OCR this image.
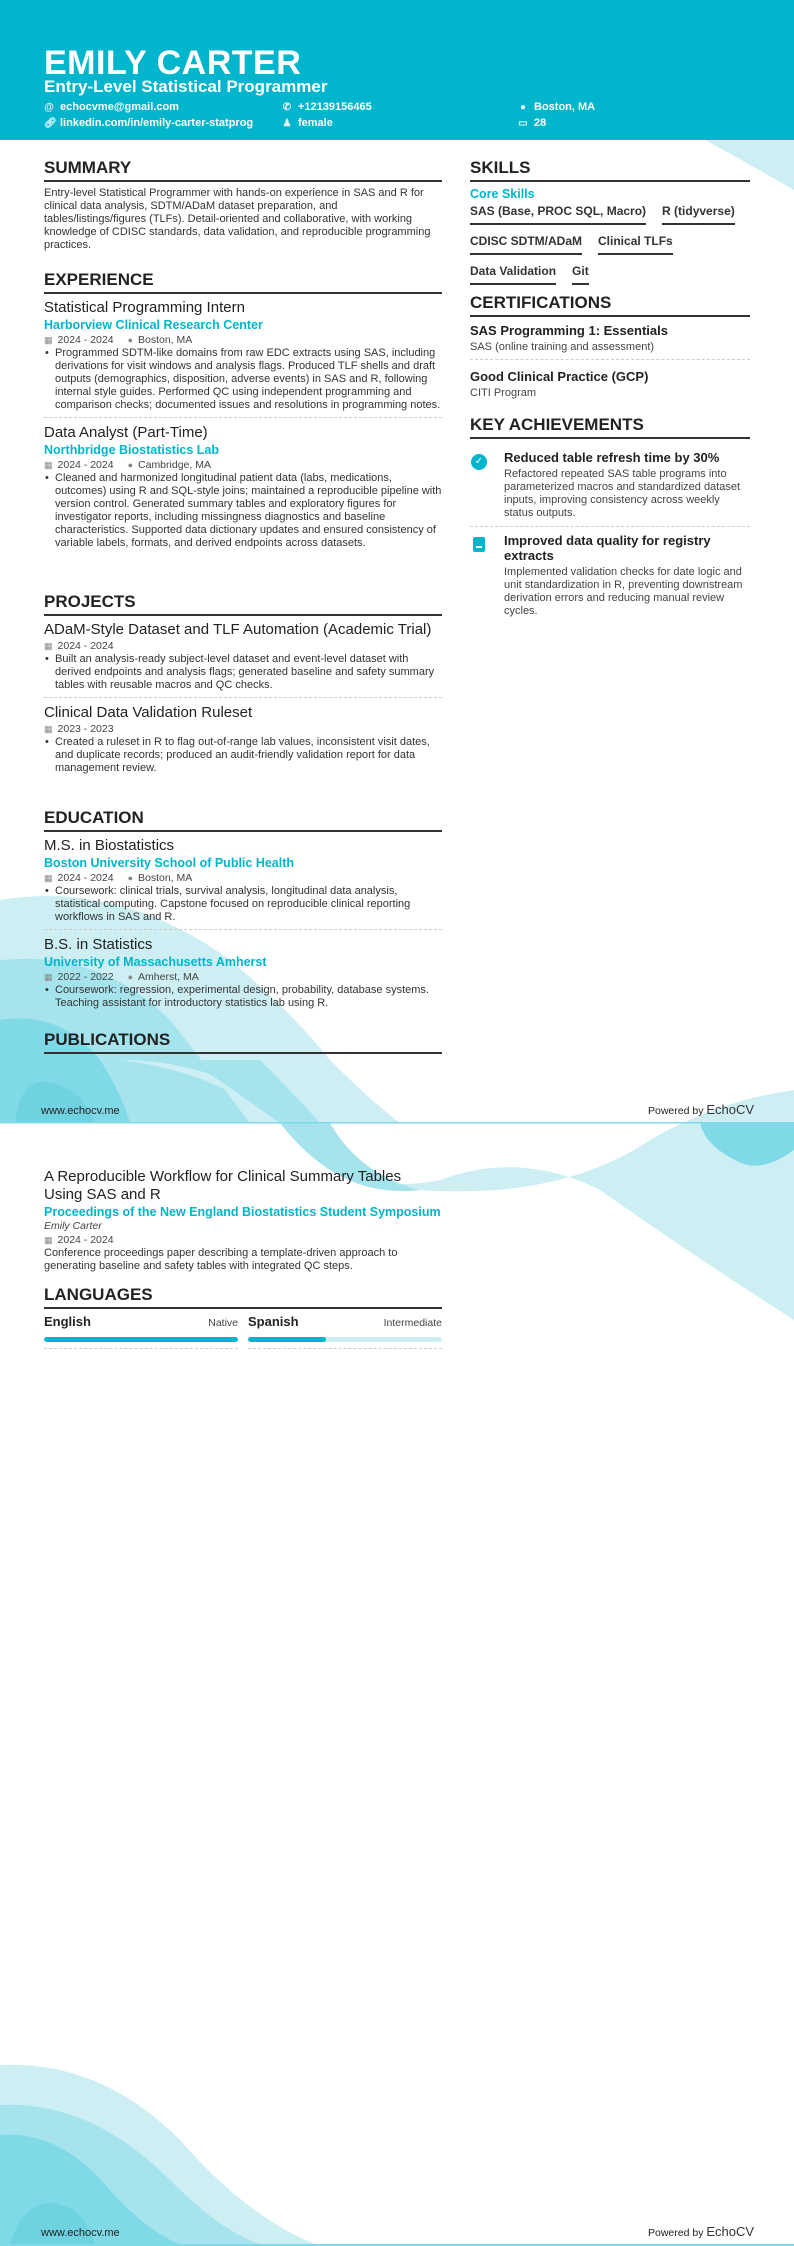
EMILY CARTER
Entry-Level Statistical Programmer
@ echocvme@gmail.com	✆ +12139156465	● Boston, MA
🔗︎ linkedin.com/in/emily-carter-statprog	♟ female	▭ 28
SUMMARY

Entry-level Statistical Programmer with hands-on experience in SAS and R for clinical data analysis, SDTM/ADaM dataset preparation, and tables/listings/figures (TLFs). Detail-oriented and collaborative, with working knowledge of CDISC standards, data validation, and reproducible programming practices.

EXPERIENCE
Statistical Programming Intern
Harborview Clinical Research Center
▦ 2024 - 2024 ● Boston, MA
• Programmed SDTM-like domains from raw EDC extracts using SAS, including derivations for visit windows and analysis flags. Produced TLF shells and draft outputs (demographics, disposition, adverse events) in SAS and R, following internal style guides. Performed QC using independent programming and comparison checks; documented issues and resolutions in programming notes.
Data Analyst (Part-Time)
Northbridge Biostatistics Lab
▦ 2024 - 2024 ● Cambridge, MA
• Cleaned and harmonized longitudinal patient data (labs, medications, outcomes) using R and SQL-style joins; maintained a reproducible pipeline with version control. Generated summary tables and exploratory figures for investigator reports, including missingness diagnostics and baseline characteristics. Supported data dictionary updates and ensured consistency of variable labels, formats, and derived endpoints across datasets.
PROJECTS
ADaM-Style Dataset and TLF Automation (Academic Trial)
▦ 2024 - 2024
• Built an analysis-ready subject-level dataset and event-level dataset with derived endpoints and analysis flags; generated baseline and safety summary tables with reusable macros and QC checks.
Clinical Data Validation Ruleset
▦ 2023 - 2023
• Created a ruleset in R to flag out-of-range lab values, inconsistent visit dates, and duplicate records; produced an audit-friendly validation report for data management review.
EDUCATION
M.S. in Biostatistics
Boston University School of Public Health
▦ 2024 - 2024 ● Boston, MA
• Coursework: clinical trials, survival analysis, longitudinal data analysis, statistical computing. Capstone focused on reproducible clinical reporting workflows in SAS and R.
B.S. in Statistics
University of Massachusetts Amherst
▦ 2022 - 2022 ● Amherst, MA
• Coursework: regression, experimental design, probability, database systems. Teaching assistant for introductory statistics lab using R.
PUBLICATIONS
www.echocv.me	Powered by EchoCV
A Reproducible Workflow for Clinical Summary Tables Using SAS and R
Proceedings of the New England Biostatistics Student Symposium
Emily Carter
▦ 2024 - 2024

Conference proceedings paper describing a template-driven approach to generating baseline and safety tables with integrated QC steps.

LANGUAGES
English	Native Spanish	Intermediate
www.echocv.me	Powered by EchoCV
SKILLS
Core Skills
SAS (Base, PROC SQL, Macro) R (tidyverse)
CDISC SDTM/ADaM Clinical TLFs
Data Validation Git
CERTIFICATIONS
SAS Programming 1: Essentials
SAS (online training and assessment)
Good Clinical Practice (GCP)
CITI Program
KEY ACHIEVEMENTS
✓ Reduced table refresh time by 30%
Refactored repeated SAS table programs into parameterized macros and standardized dataset inputs, improving consistency across weekly status outputs.
Improved data quality for registry extracts
Implemented validation checks for date logic and unit standardization in R, preventing downstream derivation errors and reducing manual review cycles.
